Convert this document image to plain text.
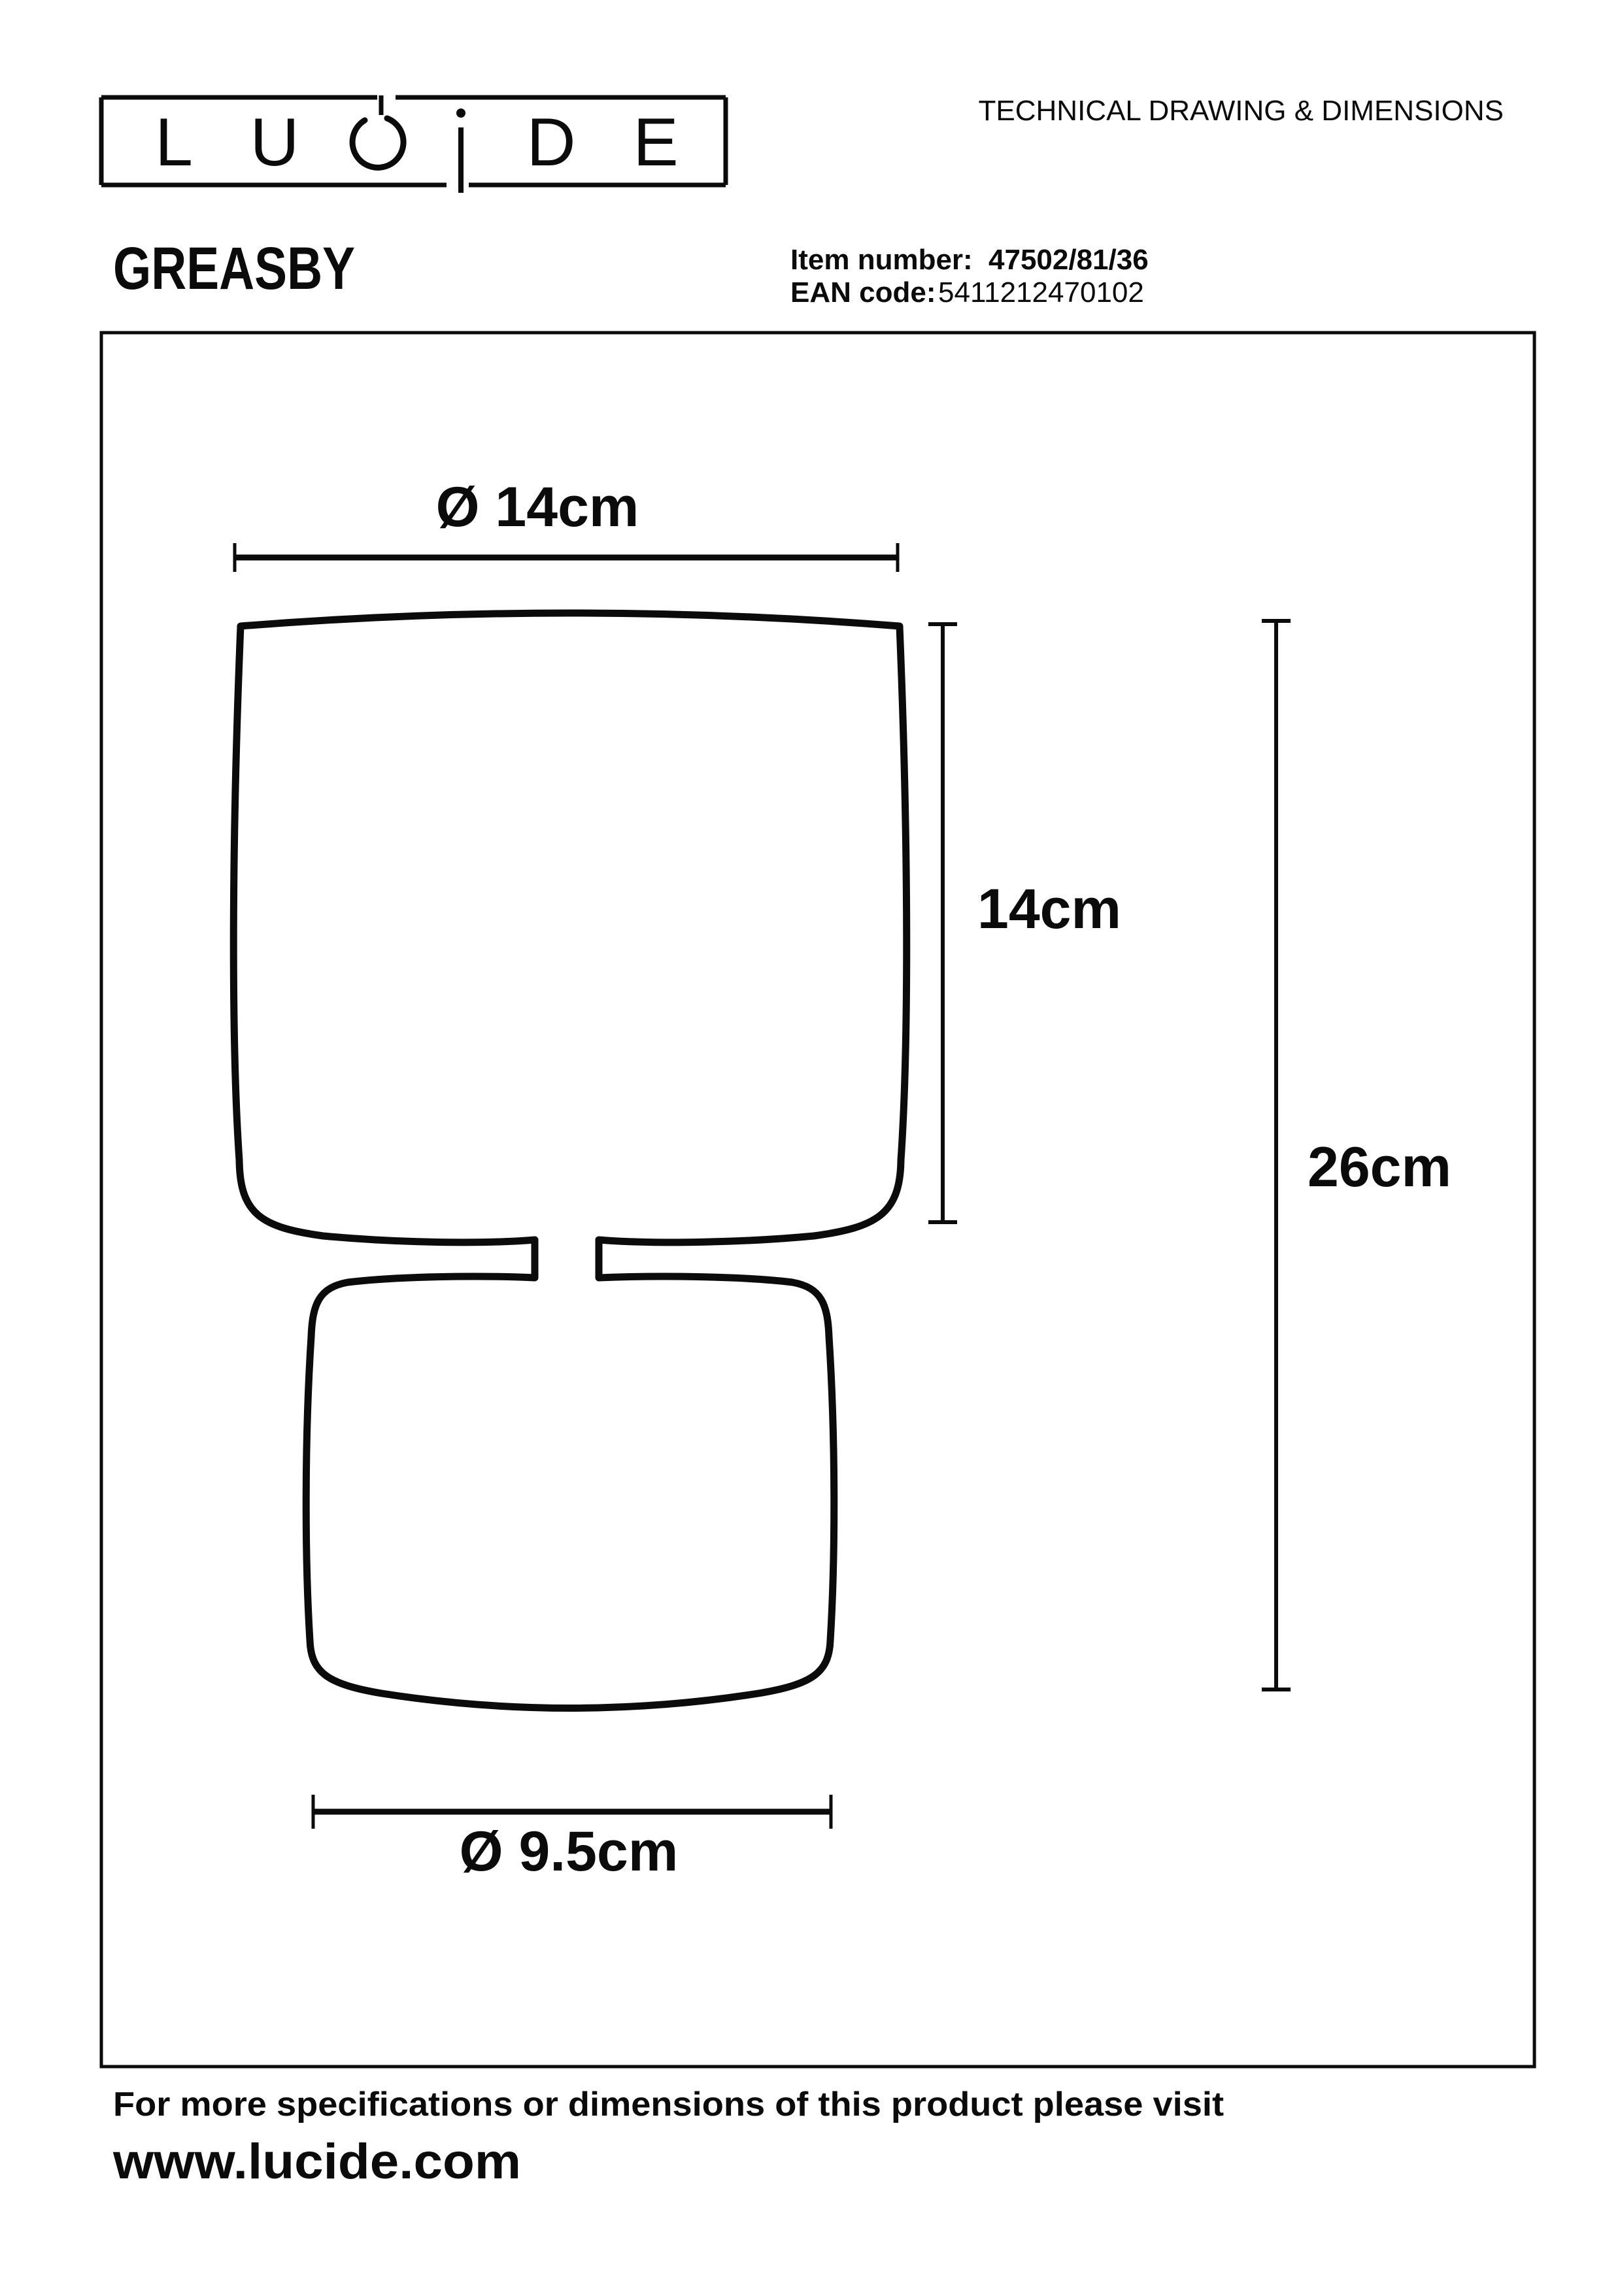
L U	D E	TECHNICAL DRAWING & DIMENSIONS
GREASBY	Item number: 47502/81/36
EAN code: 5411212470102
Ø 14cm
14cm
26cm
Ø 9.5cm
For more specifications or dimensions of this product please visit
www.lucide.com
